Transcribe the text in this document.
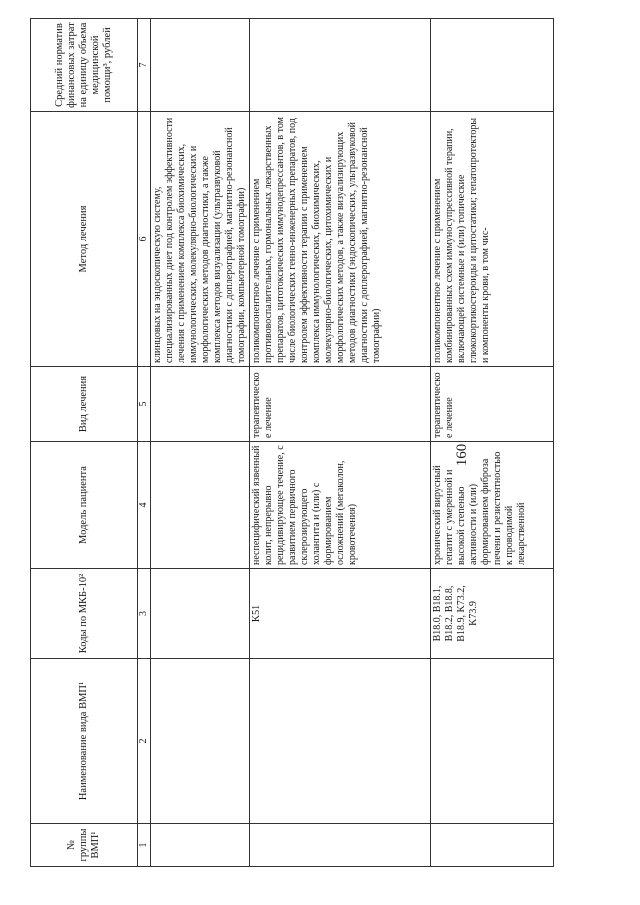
160
№ группы ВМП¹	Наименование вида ВМП¹	Коды по МКБ-10²	Модель пациента	Вид лечения	Метод лечения	Средний норматив финансовых затрат на единицу объема медицинской помощи³, рублей
1	2	3	4	5	6	7
					клинцовых на эндоскопическую систему, специализированных диет под контролем эффективности лечения с применением комплекса биохимических, иммунологических, молекулярно-биологических и морфологических методов диагностики, а также комплекса методов визуализации (ультразвуковой диагностики с доплерографией, магнитно-резонансной томографии, компьютерной томографии)	
		K51	неспецифический язвенный колит, непрерывно рецидивирующее течение, с развитием первичного склерозирующего холангита и (или) с формированием осложнений (мегаколон, кровотечения)	терапевтическое лечение	поликомпонентное лечение с применением противовоспалительных, гормональных лекарственных препаратов, цитотоксических иммунодепрессантов, в том числе биологических генно-инженерных препаратов, под контролем эффективности терапии с применением комплекса иммунологических, биохимических, молекулярно-биологических, цитохимических и морфологических методов, а также визуализирующих методов диагностики (эндоскопических, ультразвуковой диагностики с доплерографией, магнитно-резонансной томографии)	
		B18.0, B18.1, B18.2, B18.8, B18.9, K73.2, K73.9	хронический вирусный гепатит с умеренной и высокой степенью активности и (или) формированием фиброза печени и резистентностью к проводимой лекарственной	терапевтическое лечение	поликомпонентное лечение с применением комбинированных схем иммуносупрессивной терапии, включающей системные и (или) топические глюкокортикостероиды и цитостатики; гепатопротекторы и компоненты крови, в том чис-	
